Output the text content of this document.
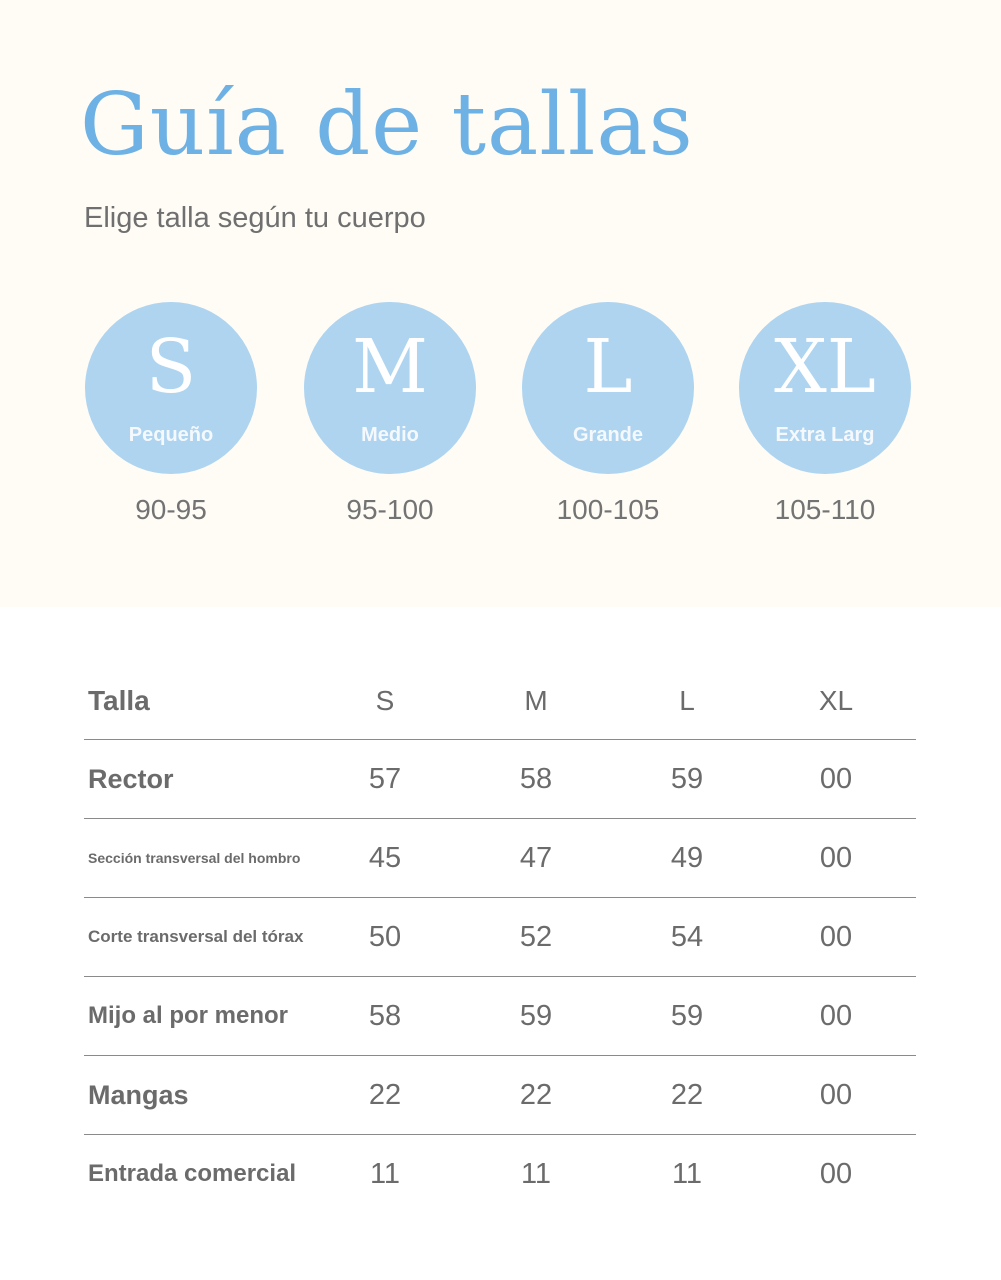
Guía de tallas
Elige talla según tu cuerpo
S
Pequeño
90-95
M
Medio
95-100
L
Grande
100-105
XL
Extra Larg
105-110
Talla	S	M	L	XL
Rector	57	58	59	00
Sección transversal del hombro	45	47	49	00
Corte transversal del tórax	50	52	54	00
Mijo al por menor	58	59	59	00
Mangas	22	22	22	00
Entrada comercial	11	11	11	00
